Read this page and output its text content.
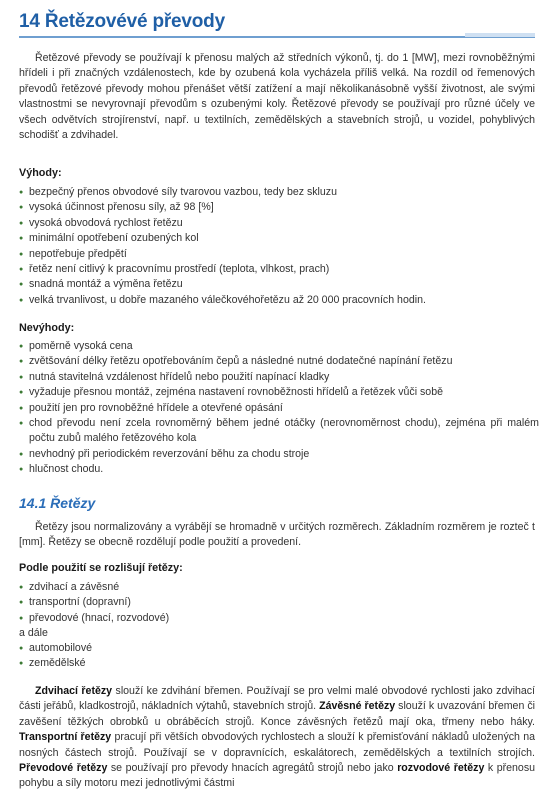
14 Řetězovévé převody
Řetězové převody se používají k přenosu malých až středních výkonů, tj. do 1 [MW], mezi rovnoběžnými hřídeli i při značných vzdálenostech, kde by ozubená kola vycházela příliš velká. Na rozdíl od řemenových převodů řetězové převody mohou přenášet větší zatížení a mají několikanásobně vyšší životnost, ale svými vlastnostmi se nevyrovnají převodům s ozubenými koly. Řetězové převody se používají pro různé účely ve všech odvětvích strojírenství, např. u textilních, zemědělských a stavebních strojů, u vozidel, pohyblivých schodišť a zdvihadel.
Výhody:
● bezpečný přenos obvodové síly tvarovou vazbou, tedy bez skluzu
● vysoká účinnost přenosu síly, až 98 [%]
● vysoká obvodová rychlost řetězu
● minimální opotřebení ozubených kol
● nepotřebuje předpětí
● řetěz není citlivý k pracovnímu prostředí (teplota, vlhkost, prach)
● snadná montáž a výměna řetězu
● velká trvanlivost, u dobře mazaného válečkovéhořetězu až 20 000 pracovních hodin.
Nevýhody:
● poměrně vysoká cena
● zvětšování délky řetězu opotřebováním čepů a následné nutné dodatečné napínání řetězu
● nutná stavitelná vzdálenost hřídelů nebo použití napínací kladky
● vyžaduje přesnou montáž, zejména nastavení rovnoběžnosti hřídelů a řetězek vůči sobě
● použití jen pro rovnoběžné hřídele a otevřené opásání
● chod převodu není zcela rovnoměrný během jedné otáčky (nerovnoměrnost chodu), zejména při malém počtu zubů malého řetězového kola
● nevhodný při periodickém reverzování běhu za chodu stroje
● hlučnost chodu.
14.1 Řetězy
Řetězy jsou normalizovány a vyrábějí se hromadně v určitých rozměrech. Základním rozměrem je rozteč t [mm]. Řetězy se obecně rozdělují podle použití a provedení.
Podle použití se rozlišují řetězy:
● zdvihací a závěsné
● transportní (dopravní)
● převodové (hnací, rozvodové)
a dále
● automobilové
● zemědělské
Zdvihací řetězy slouží ke zdvihání břemen. Používají se pro velmi malé obvodové rychlosti jako zdvihací části jeřábů, kladkostrojů, nákladních výtahů, stavebních strojů. Závěsné řetězy slouží k uvazování břemen či zavěšení těžkých obrobků u obráběcích strojů. Konce závěsných řetězů mají oka, třmeny nebo háky. Transportní řetězy pracují při větších obvodových rychlostech a slouží k přemisťování nákladů uložených na nosných částech strojů. Používají se v dopravnících, eskalátorech, zemědělských a textilních strojích. Převodové řetězy se používají pro převody hnacích agregátů strojů nebo jako rozvodové řetězy k přenosu pohybu a síly motoru mezi jednotlivými částmi
